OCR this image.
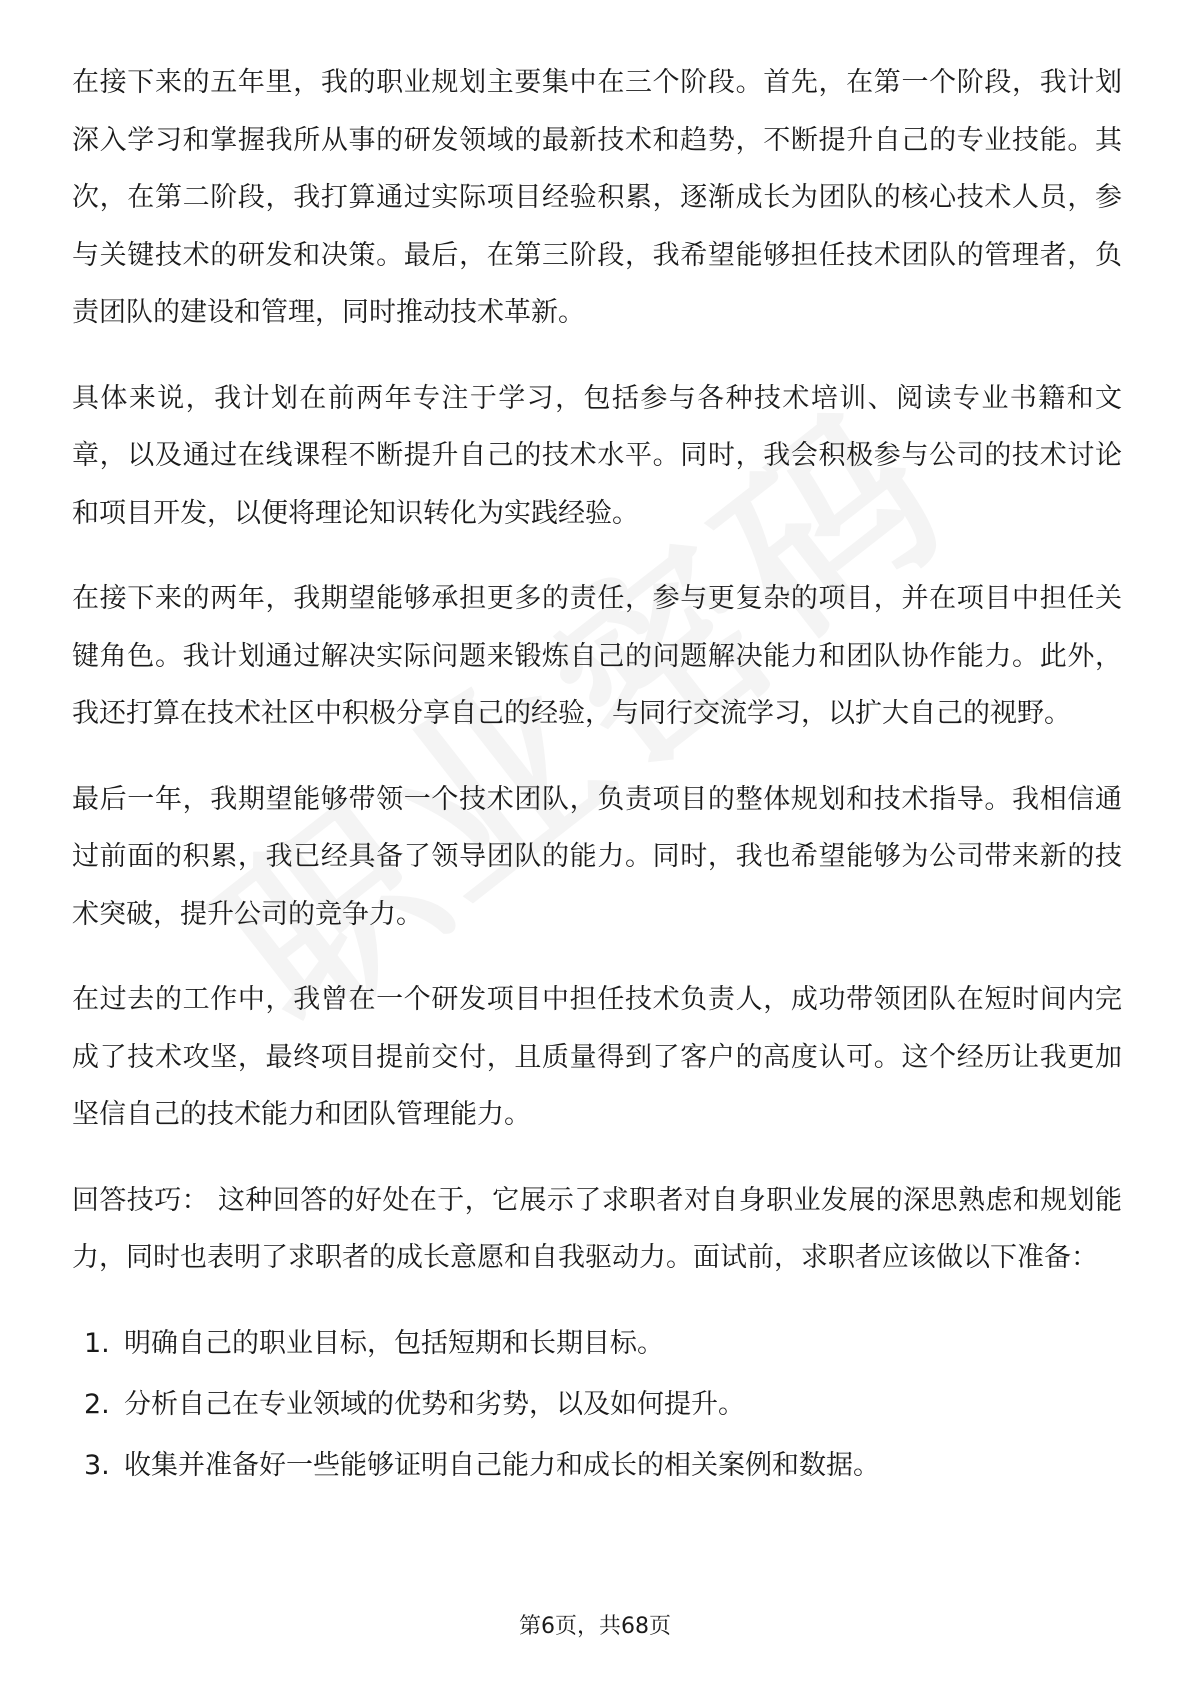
在接下来的五年里，我的职业规划主要集中在三个阶段。首先，在第一个阶段，我计划深入学习和掌握我所从事的研发领域的最新技术和趋势，不断提升自己的专业技能。其次，在第二阶段，我打算通过实际项目经验积累，逐渐成长为团队的核心技术人员，参与关键技术的研发和决策。最后，在第三阶段，我希望能够担任技术团队的管理者，负责团队的建设和管理，同时推动技术革新。

具体来说，我计划在前两年专注于学习，包括参与各种技术培训、阅读专业书籍和文章，以及通过在线课程不断提升自己的技术水平。同时，我会积极参与公司的技术讨论和项目开发，以便将理论知识转化为实践经验。

在接下来的两年，我期望能够承担更多的责任，参与更复杂的项目，并在项目中担任关键角色。我计划通过解决实际问题来锻炼自己的问题解决能力和团队协作能力。此外，我还打算在技术社区中积极分享自己的经验，与同行交流学习，以扩大自己的视野。

最后一年，我期望能够带领一个技术团队，负责项目的整体规划和技术指导。我相信通过前面的积累，我已经具备了领导团队的能力。同时，我也希望能够为公司带来新的技术突破，提升公司的竞争力。

在过去的工作中，我曾在一个研发项目中担任技术负责人，成功带领团队在短时间内完成了技术攻坚，最终项目提前交付，且质量得到了客户的高度认可。这个经历让我更加坚信自己的技术能力和团队管理能力。

回答技巧： 这种回答的好处在于，它展示了求职者对自身职业发展的深思熟虑和规划能力，同时也表明了求职者的成长意愿和自我驱动力。面试前，求职者应该做以下准备：

1. 明确自己的职业目标，包括短期和长期目标。
2. 分析自己在专业领域的优势和劣势，以及如何提升。
3. 收集并准备好一些能够证明自己能力和成长的相关案例和数据。
第6页，共68页
